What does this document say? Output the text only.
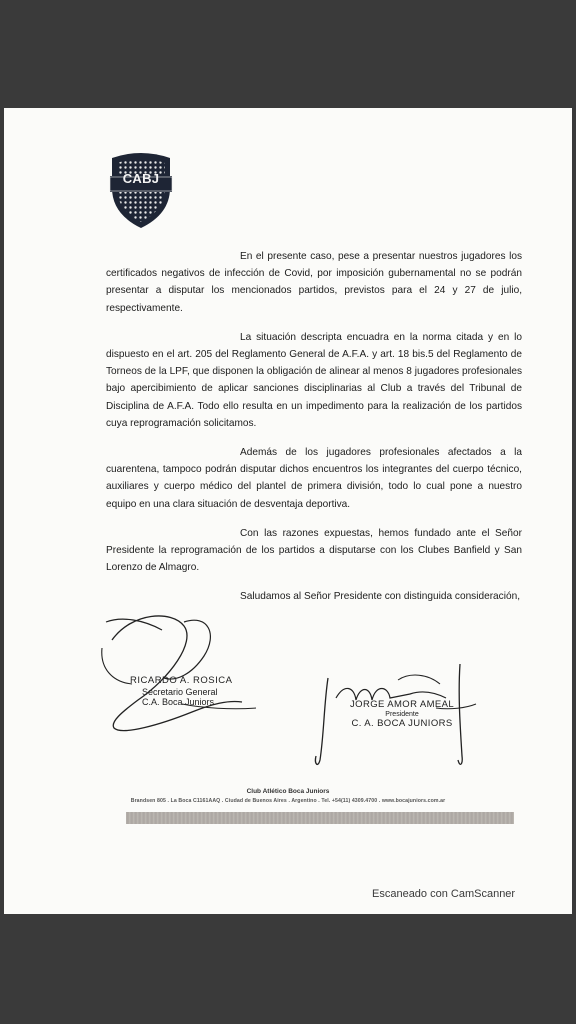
CABJ

En el presente caso, pese a presentar nuestros jugadores los certificados negativos de infección de Covid, por imposición gubernamental no se podrán presentar a disputar los mencionados partidos, previstos para el 24 y 27 de julio, respectivamente.

La situación descripta encuadra en la norma citada y en lo dispuesto en el art. 205 del Reglamento General de A.F.A. y art. 18 bis.5 del Reglamento de Torneos de la LPF, que disponen la obligación de alinear al menos 8 jugadores profesionales bajo apercibimiento de aplicar sanciones disciplinarias al Club a través del Tribunal de Disciplina de A.F.A. Todo ello resulta en un impedimento para la realización de los partidos cuya reprogramación solicitamos.

Además de los jugadores profesionales afectados a la cuarentena, tampoco podrán disputar dichos encuentros los integrantes del cuerpo técnico, auxiliares y cuerpo médico del plantel de primera división, todo lo cual pone a nuestro equipo en una clara situación de desventaja deportiva.

Con las razones expuestas, hemos fundado ante el Señor Presidente la reprogramación de los partidos a disputarse con los Clubes Banfield y San Lorenzo de Almagro.

Saludamos al Señor Presidente con distinguida consideración,

RICARDO A. ROSICA
Secretario General
C.A. Boca Juniors	JORGE AMOR AMEAL
Presidente
C. A. BOCA JUNIORS
Club Atlético Boca Juniors
Brandsen 805 . La Boca C1161AAQ . Ciudad de Buenos Aires . Argentino . Tel. +54(11) 4309.4700 . www.bocajuniors.com.ar
Escaneado con CamScanner
